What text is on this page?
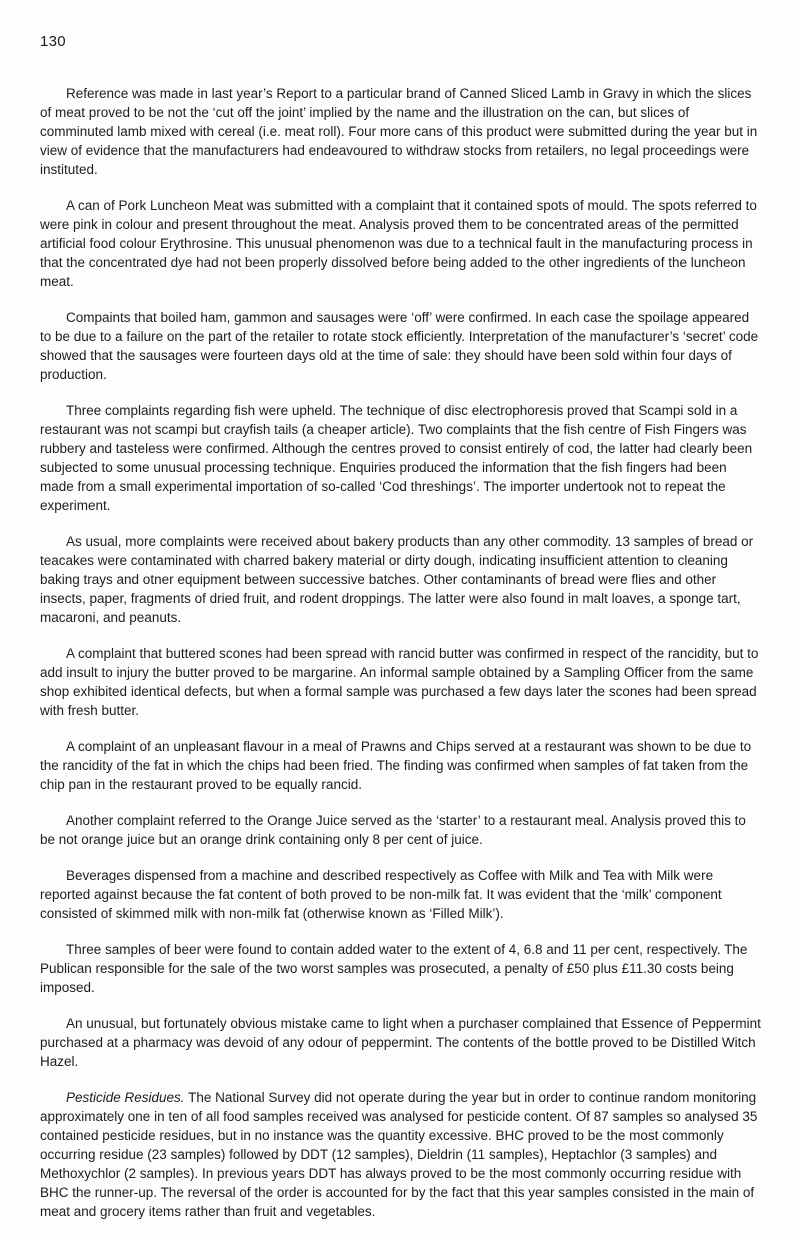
130

Reference was made in last year’s Report to a particular brand of Canned Sliced Lamb in Gravy in which the slices of meat proved to be not the ‘cut off the joint’ implied by the name and the illustration on the can, but slices of comminuted lamb mixed with cereal (i.e. meat roll). Four more cans of this product were submitted during the year but in view of evidence that the manufacturers had endeavoured to withdraw stocks from retailers, no legal proceedings were instituted.

A can of Pork Luncheon Meat was submitted with a complaint that it contained spots of mould. The spots referred to were pink in colour and present throughout the meat. Analysis proved them to be concentrated areas of the permitted artificial food colour Erythrosine. This unusual phenomenon was due to a technical fault in the manufacturing process in that the concentrated dye had not been properly dissolved before being added to the other ingredients of the luncheon meat.

Compaints that boiled ham, gammon and sausages were ‘off’ were confirmed. In each case the spoilage appeared to be due to a failure on the part of the retailer to rotate stock efficiently. Interpretation of the manufacturer’s ‘secret’ code showed that the sausages were fourteen days old at the time of sale: they should have been sold within four days of production.

Three complaints regarding fish were upheld. The technique of disc electrophoresis proved that Scampi sold in a restaurant was not scampi but crayfish tails (a cheaper article). Two complaints that the fish centre of Fish Fingers was rubbery and tasteless were confirmed. Although the centres proved to consist entirely of cod, the latter had clearly been subjected to some unusual processing technique. Enquiries produced the information that the fish fingers had been made from a small experimental importation of so-called ‘Cod threshings’. The importer undertook not to repeat the experiment.

As usual, more complaints were received about bakery products than any other commodity. 13 samples of bread or teacakes were contaminated with charred bakery material or dirty dough, indicating insufficient attention to cleaning baking trays and otner equipment between successive batches. Other contaminants of bread were flies and other insects, paper, fragments of dried fruit, and rodent droppings. The latter were also found in malt loaves, a sponge tart, macaroni, and peanuts.

A complaint that buttered scones had been spread with rancid butter was confirmed in respect of the rancidity, but to add insult to injury the butter proved to be margarine. An informal sample obtained by a Sampling Officer from the same shop exhibited identical defects, but when a formal sample was purchased a few days later the scones had been spread with fresh butter.

A complaint of an unpleasant flavour in a meal of Prawns and Chips served at a restaurant was shown to be due to the rancidity of the fat in which the chips had been fried. The finding was confirmed when samples of fat taken from the chip pan in the restaurant proved to be equally rancid.

Another complaint referred to the Orange Juice served as the ‘starter’ to a restaurant meal. Analysis proved this to be not orange juice but an orange drink containing only 8 per cent of juice.

Beverages dispensed from a machine and described respectively as Coffee with Milk and Tea with Milk were reported against because the fat content of both proved to be non-milk fat. It was evident that the ‘milk’ component consisted of skimmed milk with non-milk fat (otherwise known as ‘Filled Milk’).

Three samples of beer were found to contain added water to the extent of 4, 6.8 and 11 per cent, respectively. The Publican responsible for the sale of the two worst samples was prosecuted, a penalty of £50 plus £11.30 costs being imposed.

An unusual, but fortunately obvious mistake came to light when a purchaser complained that Essence of Peppermint purchased at a pharmacy was devoid of any odour of peppermint. The contents of the bottle proved to be Distilled Witch Hazel.

Pesticide Residues. The National Survey did not operate during the year but in order to continue random monitoring approximately one in ten of all food samples received was analysed for pesticide content. Of 87 samples so analysed 35 contained pesticide residues, but in no instance was the quantity excessive. BHC proved to be the most commonly occurring residue (23 samples) followed by DDT (12 samples), Dieldrin (11 samples), Heptachlor (3 samples) and Methoxychlor (2 samples). In previous years DDT has always proved to be the most commonly occurring residue with BHC the runner-up. The reversal of the order is accounted for by the fact that this year samples consisted in the main of meat and grocery items rather than fruit and vegetables.
